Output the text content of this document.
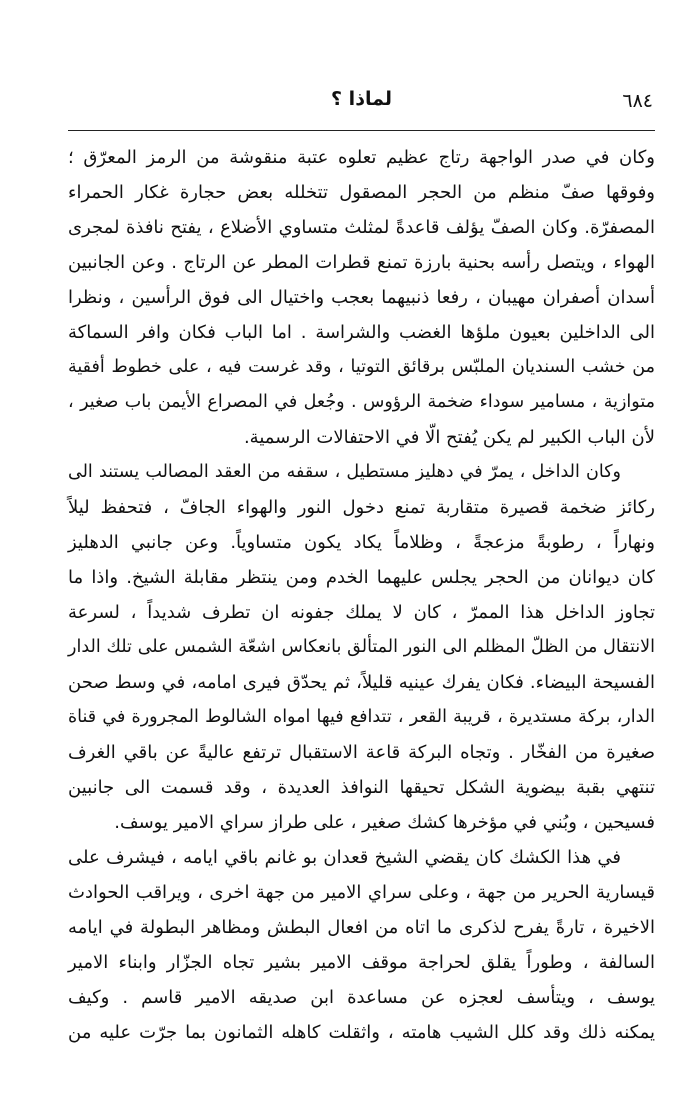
٦٨٤
لماذا ؟
وكان في صدر الواجهة رتاج عظيم تعلوه عتبة منقوشة من الرمز المعرّق ؛
وفوقها صفّ منظم من الحجر المصقول تتخلله بعض حجارة غكار الحمراء
المصفرّة. وكان الصفّ يؤلف قاعدةً لمثلث متساوي الأضلاع ، يفتح نافذة لمجرى
الهواء ، ويتصل رأسه بحنية بارزة تمنع قطرات المطر عن الرتاج . وعن الجانبين
أسدان أصفران مهيبان ، رفعا ذنبيهما بعجب واختيال الى فوق الرأسين ، ونظرا
الى الداخلين بعيون ملؤها الغضب والشراسة . اما الباب فكان وافر السماكة
من خشب السنديان الملبّس برقائق التوتيا ، وقد غرست فيه ، على خطوط أفقية
متوازية ، مسامير سوداء ضخمة الرؤوس . وجُعل في المصراع الأيمن باب صغير ،
لأن الباب الكبير لم يكن يُفتح الّا في الاحتفالات الرسمية.
وكان الداخل ، يمرّ في دهليز مستطيل ، سقفه من العقد المصالب يستند الى
ركائز ضخمة قصيرة متقاربة تمنع دخول النور والهواء الجافّ ، فتحفظ ليلاً
ونهاراً ، رطوبةً مزعجةً ، وظلاماً يكاد يكون متساوياً. وعن جانبي الدهليز
كان ديوانان من الحجر يجلس عليهما الخدم ومن ينتظر مقابلة الشيخ. واذا ما
تجاوز الداخل هذا الممرّ ، كان لا يملك جفونه ان تطرف شديداً ، لسرعة
الانتقال من الظلّ المظلم الى النور المتألق بانعكاس اشعّة الشمس على تلك الدار
الفسيحة البيضاء. فكان يفرك عينيه قليلاً، ثم يحدّق فيرى امامه، في وسط صحن
الدار، بركة مستديرة ، قريبة القعر ، تتدافع فيها امواه الشالوط المجرورة في قناة
صغيرة من الفخّار . وتجاه البركة قاعة الاستقبال ترتفع عاليةً عن باقي الغرف
تنتهي بقبة بيضوية الشكل تحيقها النوافذ العديدة ، وقد قسمت الى جانبين
فسيحين ، وبُني في مؤخرها كشك صغير ، على طراز سراي الامير يوسف.
في هذا الكشك كان يقضي الشيخ قعدان بو غانم باقي ايامه ، فيشرف على
قيسارية الحرير من جهة ، وعلى سراي الامير من جهة اخرى ، ويراقب الحوادث
الاخيرة ، تارةً يفرح لذكرى ما اتاه من افعال البطش ومظاهر البطولة في ايامه
السالفة ، وطوراً يقلق لحراجة موقف الامير بشير تجاه الجزّار وابناء الامير
يوسف ، ويتأسف لعجزه عن مساعدة ابن صديقه الامير قاسم . وكيف
يمكنه ذلك وقد كلل الشيب هامته ، واثقلت كاهله الثمانون بما جرّت عليه من
